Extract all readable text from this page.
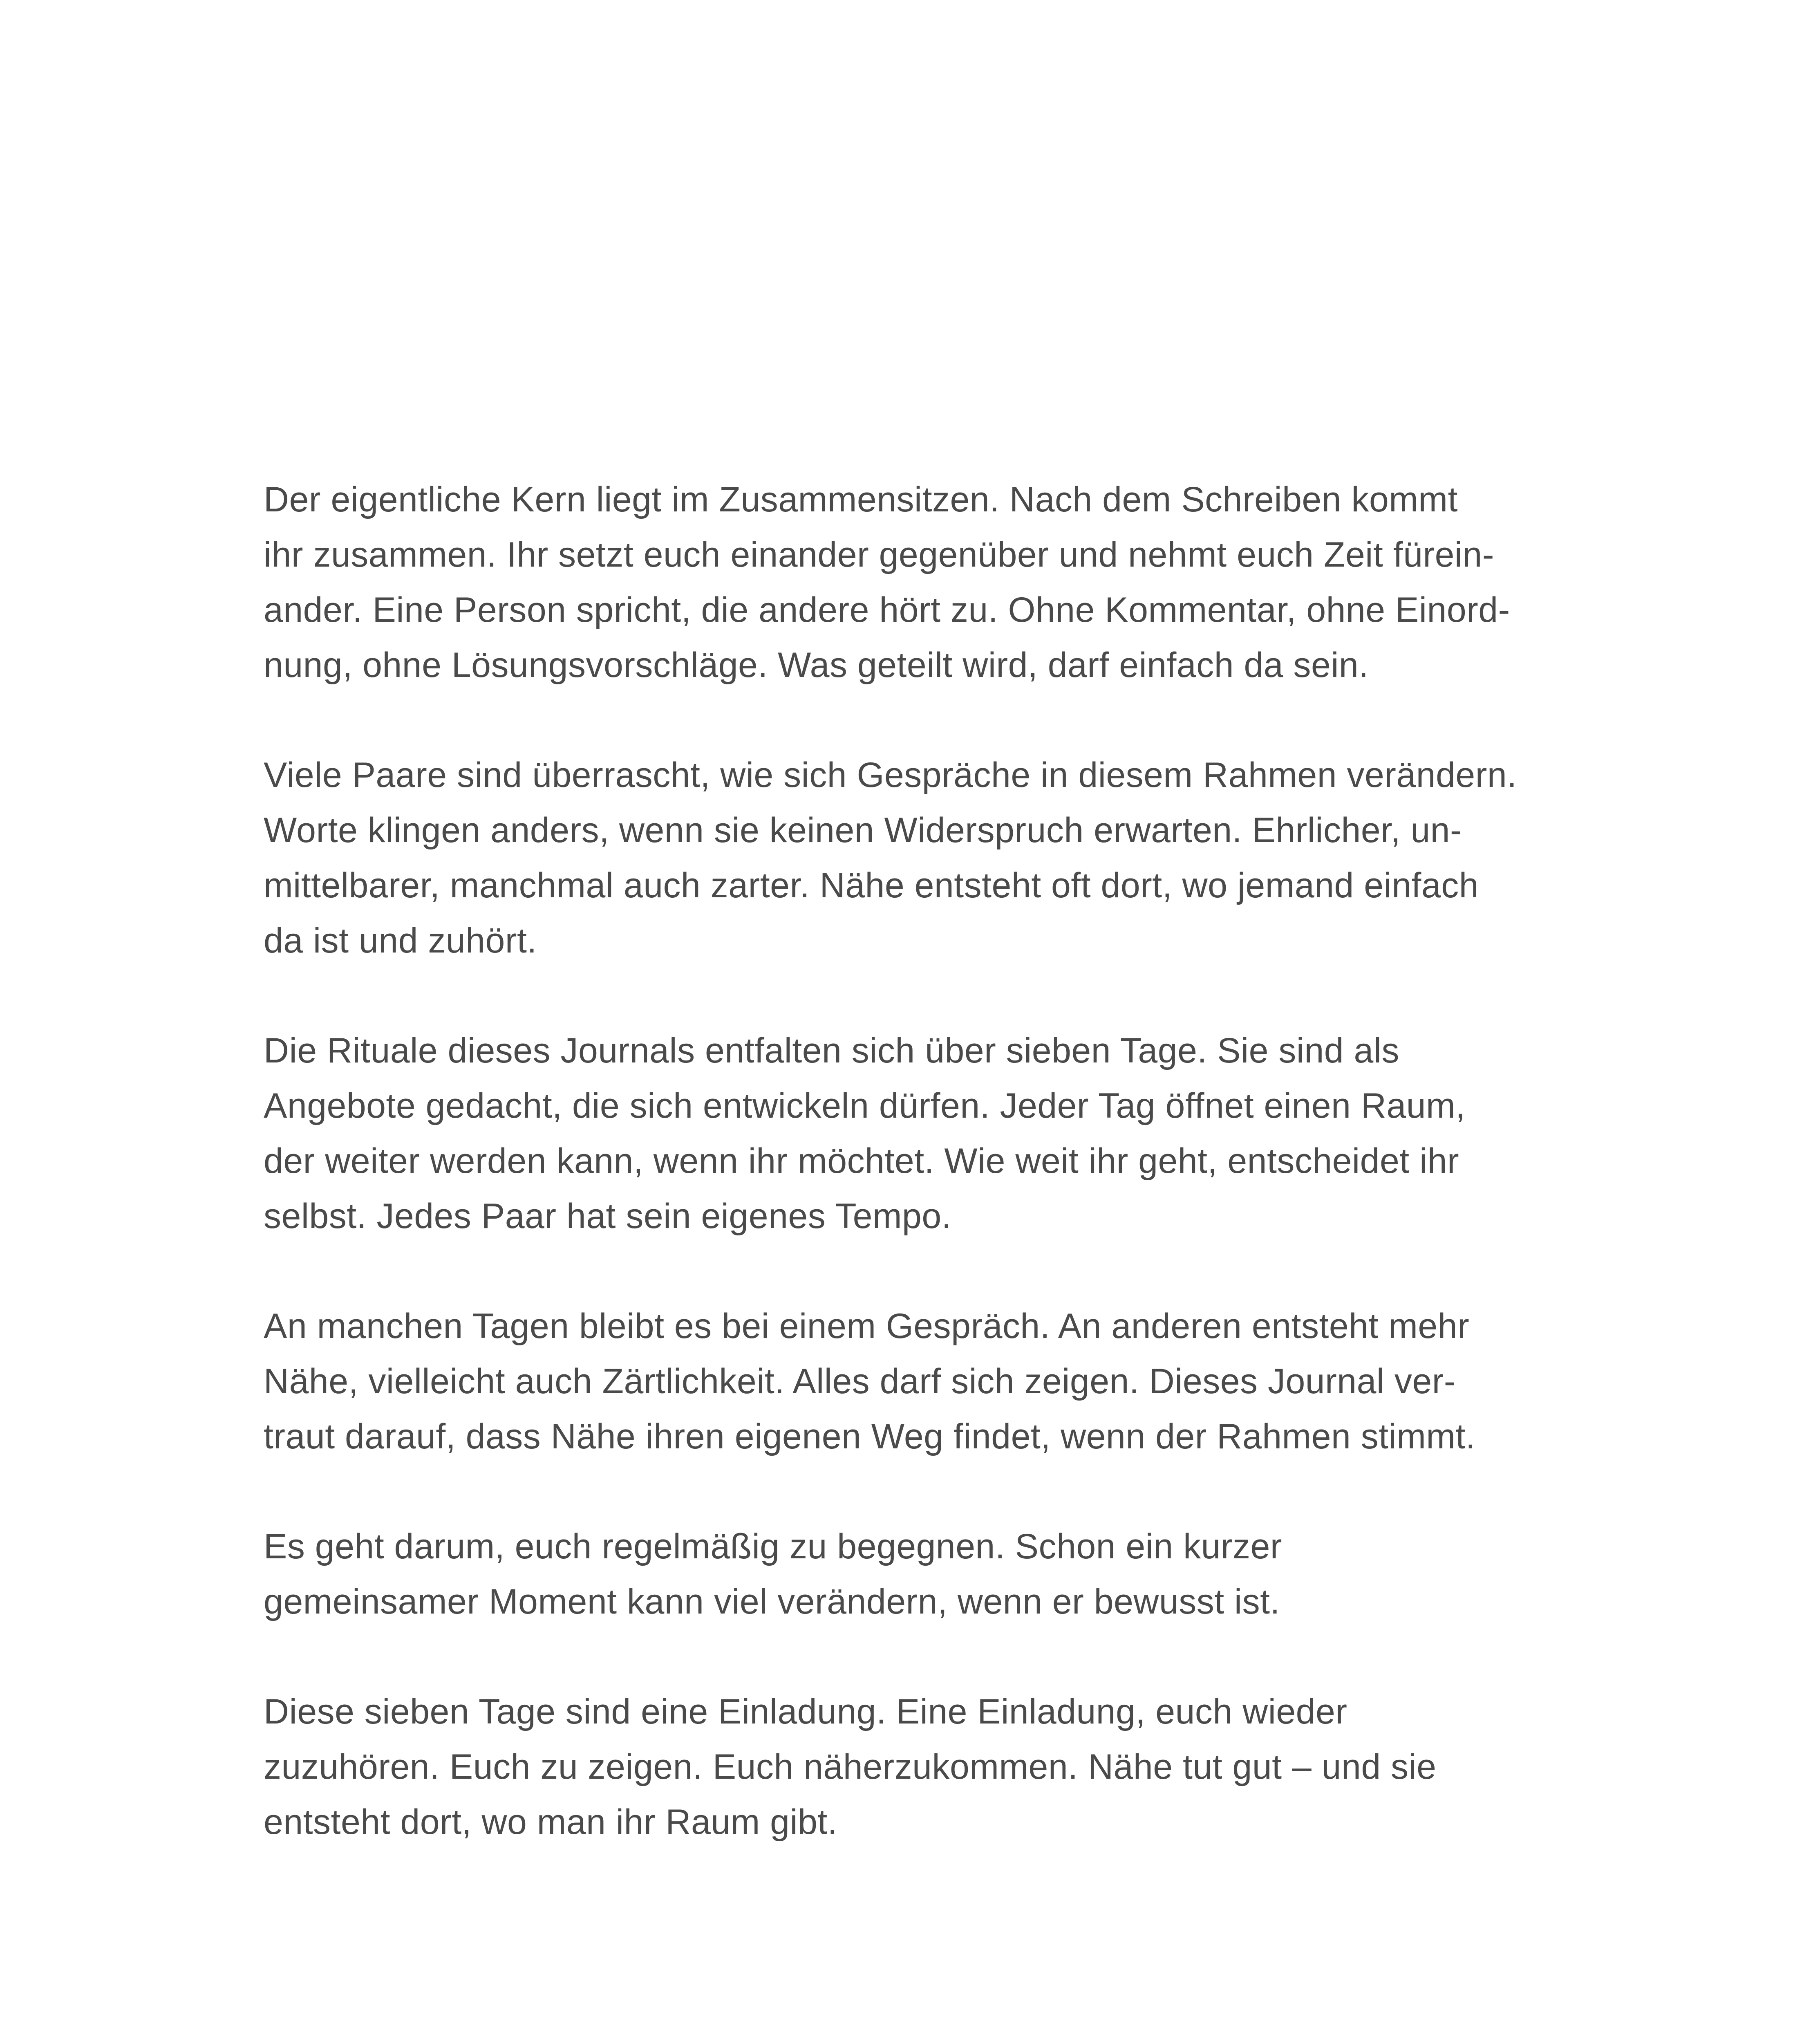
Der eigentliche Kern liegt im Zusammensitzen. Nach dem Schreiben kommt
ihr zusammen. Ihr setzt euch einander gegenüber und nehmt euch Zeit fürein-
ander. Eine Person spricht, die andere hört zu. Ohne Kommentar, ohne Einord-
nung, ohne Lösungsvorschläge. Was geteilt wird, darf einfach da sein.

Viele Paare sind überrascht, wie sich Gespräche in diesem Rahmen verändern.
Worte klingen anders, wenn sie keinen Widerspruch erwarten. Ehrlicher, un-
mittelbarer, manchmal auch zarter. Nähe entsteht oft dort, wo jemand einfach
da ist und zuhört.

Die Rituale dieses Journals entfalten sich über sieben Tage. Sie sind als
Angebote gedacht, die sich entwickeln dürfen. Jeder Tag öffnet einen Raum,
der weiter werden kann, wenn ihr möchtet. Wie weit ihr geht, entscheidet ihr
selbst. Jedes Paar hat sein eigenes Tempo.

An manchen Tagen bleibt es bei einem Gespräch. An anderen entsteht mehr
Nähe, vielleicht auch Zärtlichkeit. Alles darf sich zeigen. Dieses Journal ver-
traut darauf, dass Nähe ihren eigenen Weg findet, wenn der Rahmen stimmt.

Es geht darum, euch regelmäßig zu begegnen. Schon ein kurzer
gemeinsamer Moment kann viel verändern, wenn er bewusst ist.

Diese sieben Tage sind eine Einladung. Eine Einladung, euch wieder
zuzuhören. Euch zu zeigen. Euch näherzukommen. Nähe tut gut – und sie
entsteht dort, wo man ihr Raum gibt.
